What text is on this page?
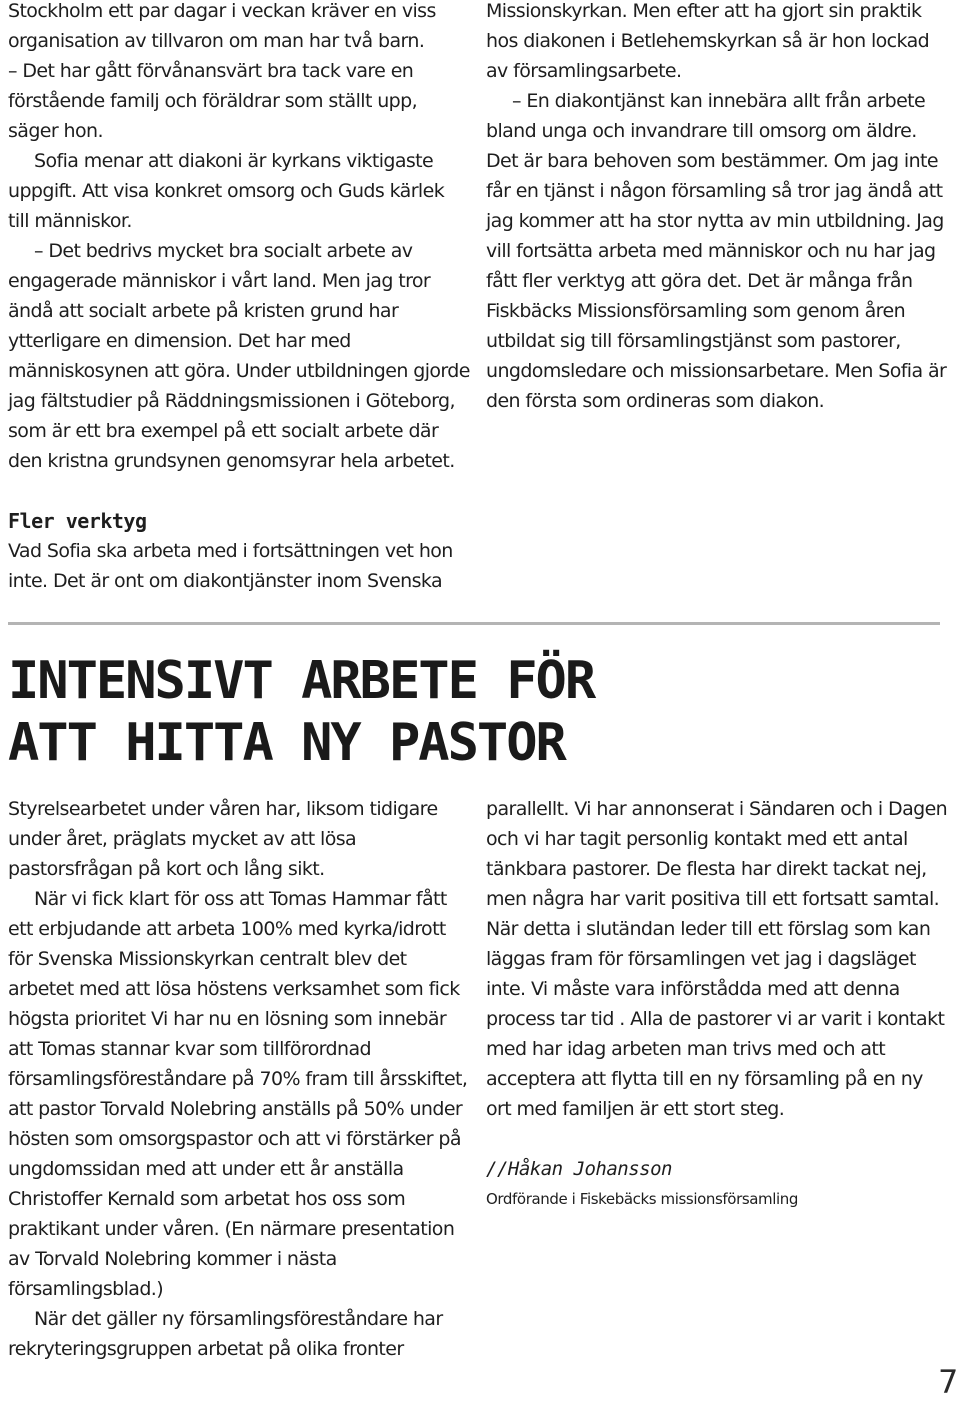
Stockholm ett par dagar i veckan kräver en viss organisation av tillvaron om man har två barn.

– Det har gått förvånansvärt bra tack vare en förstående familj och föräldrar som ställt upp, säger hon.

Sofia menar att diakoni är kyrkans viktigaste uppgift. Att visa konkret omsorg och Guds kärlek till människor.

– Det bedrivs mycket bra socialt arbete av engagerade människor i vårt land. Men jag tror ändå att socialt arbete på kristen grund har ytterligare en dimension. Det har med människosynen att göra. Under utbildningen gjorde jag fältstudier på Räddningsmissionen i Göteborg, som är ett bra exempel på ett socialt arbete där den kristna grundsynen genomsyrar hela arbetet.

Missionskyrkan. Men efter att ha gjort sin praktik hos diakonen i Betlehemskyrkan så är hon lockad av församlingsarbete.

– En diakontjänst kan innebära allt från arbete bland unga och invandrare till omsorg om äldre. Det är bara behoven som bestämmer. Om jag inte får en tjänst i någon församling så tror jag ändå att jag kommer att ha stor nytta av min utbildning. Jag vill fortsätta arbeta med människor och nu har jag fått fler verktyg att göra det. Det är många från Fiskbäcks Missionsförsamling som genom åren utbildat sig till församlingstjänst som pastorer, ungdomsledare och missionsarbetare. Men Sofia är den första som ordineras som diakon.

Fler verktyg

Vad Sofia ska arbeta med i fortsättningen vet hon inte. Det är ont om diakontjänster inom Svenska

INTENSIVT ARBETE FÖR
ATT HITTA NY PASTOR

Styrelsearbetet under våren har, liksom tidigare under året, präglats mycket av att lösa pastorsfrågan på kort och lång sikt.

När vi fick klart för oss att Tomas Hammar fått ett erbjudande att arbeta 100% med kyrka/idrott för Svenska Missionskyrkan centralt blev det arbetet med att lösa höstens verksamhet som fick högsta prioritet Vi har nu en lösning som innebär att Tomas stannar kvar som tillförordnad församlingsföreståndare på 70% fram till årsskiftet, att pastor Torvald Nolebring anställs på 50% under hösten som omsorgspastor och att vi förstärker på ungdomssidan med att under ett år anställa Christoffer Kernald som arbetat hos oss som praktikant under våren. (En närmare presentation av Torvald Nolebring kommer i nästa församlingsblad.)

När det gäller ny församlingsföreståndare har rekryteringsgruppen arbetat på olika fronter

parallellt. Vi har annonserat i Sändaren och i Dagen och vi har tagit personlig kontakt med ett antal tänkbara pastorer. De flesta har direkt tackat nej, men några har varit positiva till ett fortsatt samtal. När detta i slutändan leder till ett förslag som kan läggas fram för församlingen vet jag i dagsläget inte. Vi måste vara införstådda med att denna process tar tid . Alla de pastorer vi ar varit i kontakt med har idag arbeten man trivs med och att acceptera att flytta till en ny församling på en ny ort med familjen är ett stort steg.

//Håkan Johansson
Ordförande i Fiskebäcks missionsförsamling
7
